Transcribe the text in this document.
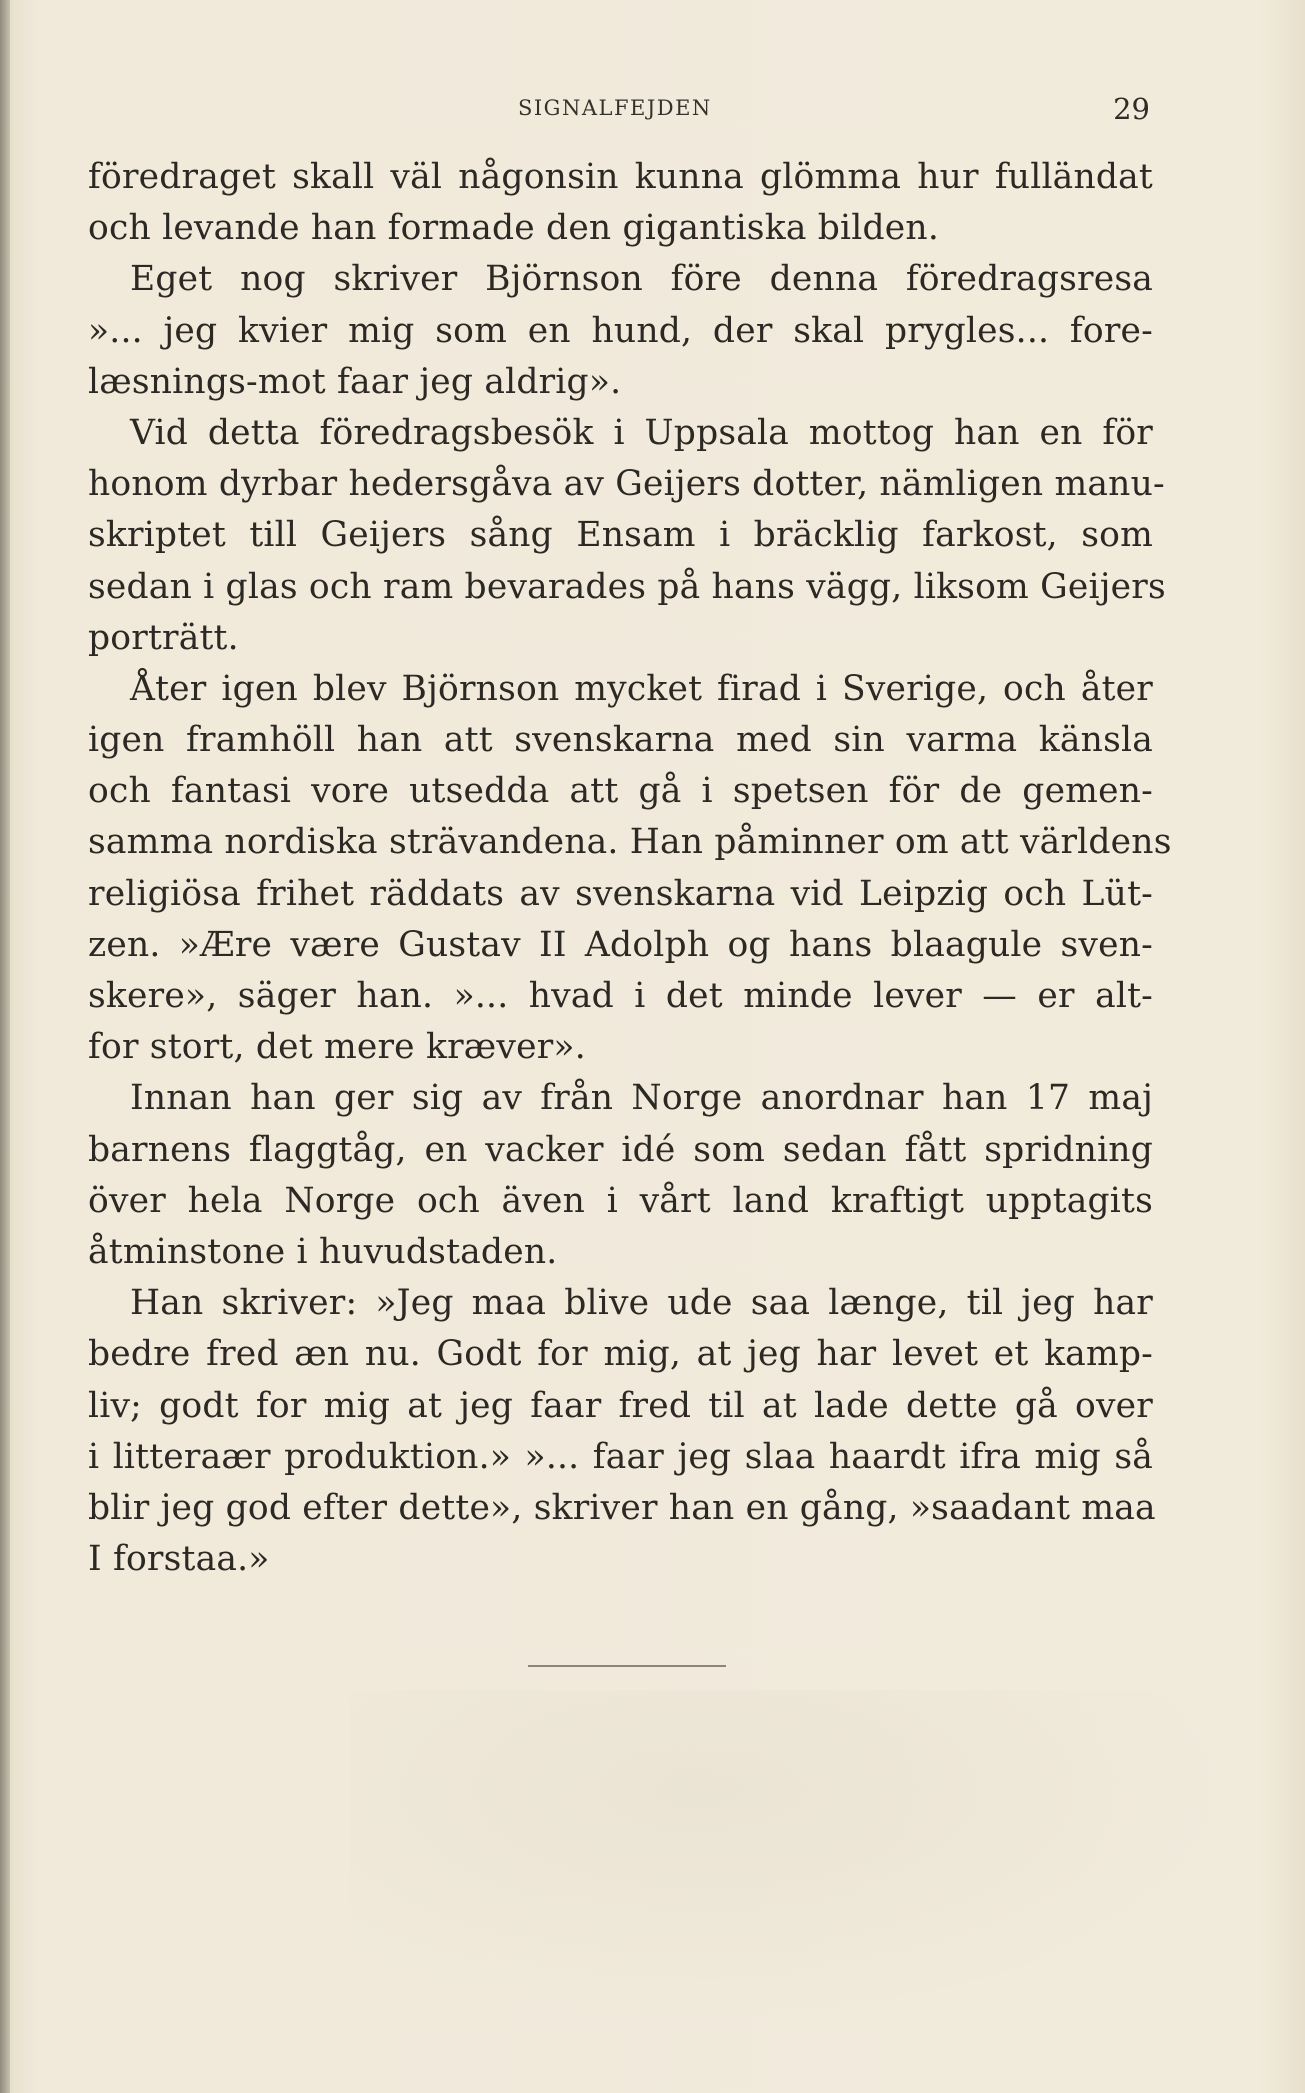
SIGNALFEJDEN	29
föredraget skall väl någonsin kunna glömma hur fulländat
och levande han formade den gigantiska bilden.
Eget nog skriver Björnson före denna föredragsresa
»... jeg kvier mig som en hund, der skal prygles... fore-
læsnings-mot faar jeg aldrig».
Vid detta föredragsbesök i Uppsala mottog han en för
honom dyrbar hedersgåva av Geijers dotter, nämligen manu-
skriptet till Geijers sång Ensam i bräcklig farkost, som
sedan i glas och ram bevarades på hans vägg, liksom Geijers
porträtt.
Åter igen blev Björnson mycket firad i Sverige, och åter
igen framhöll han att svenskarna med sin varma känsla
och fantasi vore utsedda att gå i spetsen för de gemen-
samma nordiska strävandena. Han påminner om att världens
religiösa frihet räddats av svenskarna vid Leipzig och Lüt-
zen. »Ære være Gustav II Adolph og hans blaagule sven-
skere», säger han. »... hvad i det minde lever — er alt-
for stort, det mere kræver».
Innan han ger sig av från Norge anordnar han 17 maj
barnens flaggtåg, en vacker idé som sedan fått spridning
över hela Norge och även i vårt land kraftigt upptagits
åtminstone i huvudstaden.
Han skriver: »Jeg maa blive ude saa længe, til jeg har
bedre fred æn nu. Godt for mig, at jeg har levet et kamp-
liv; godt for mig at jeg faar fred til at lade dette gå over
i litteraær produktion.» »... faar jeg slaa haardt ifra mig så
blir jeg god efter dette», skriver han en gång, »saadant maa
I forstaa.»
